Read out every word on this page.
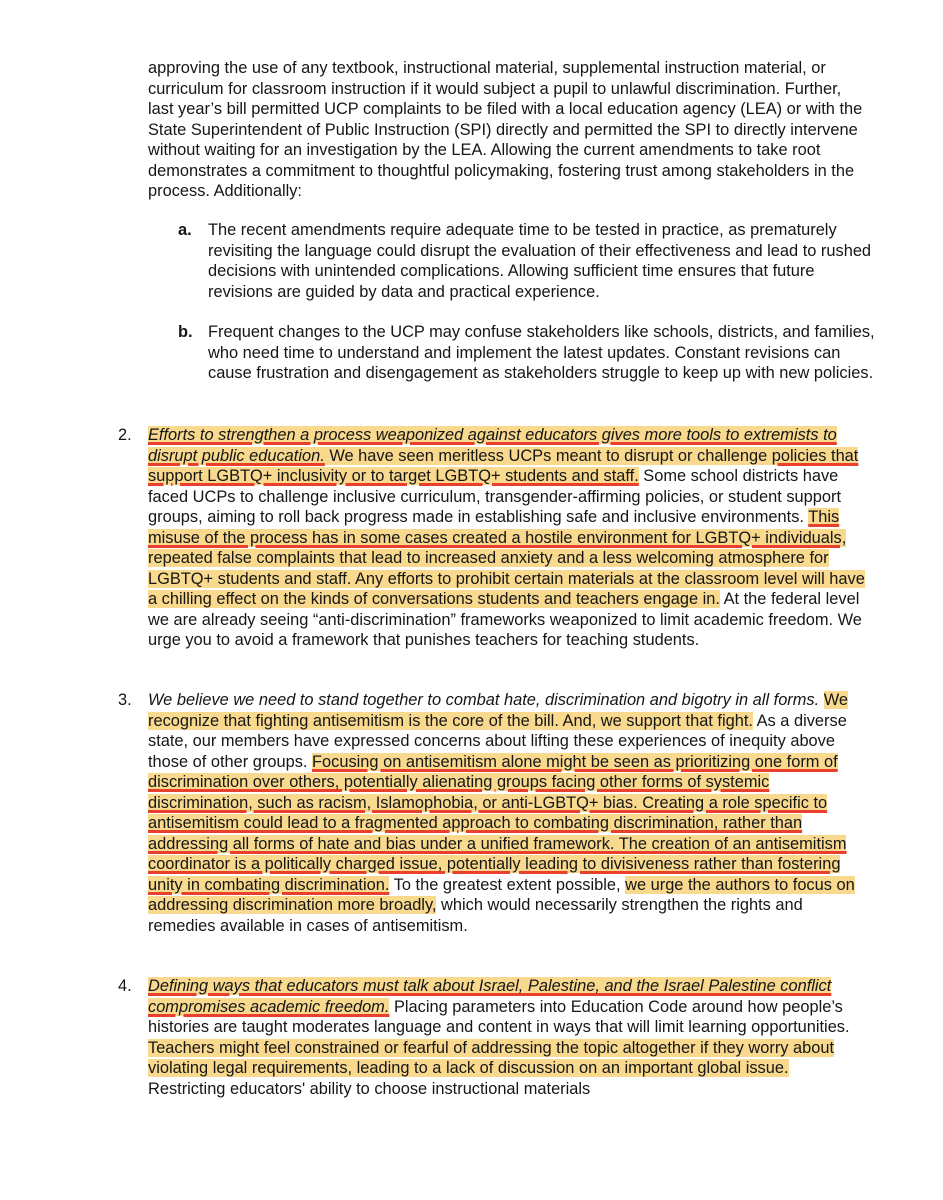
approving the use of any textbook, instructional material, supplemental instruction material, or curriculum for classroom instruction if it would subject a pupil to unlawful discrimination. Further, last year’s bill permitted UCP complaints to be filed with a local education agency (LEA) or with the State Superintendent of Public Instruction (SPI) directly and permitted the SPI to directly intervene without waiting for an investigation by the LEA. Allowing the current amendments to take root demonstrates a commitment to thoughtful policymaking, fostering trust among stakeholders in the process. Additionally:

a. The recent amendments require adequate time to be tested in practice, as prematurely revisiting the language could disrupt the evaluation of their effectiveness and lead to rushed decisions with unintended complications. Allowing sufficient time ensures that future revisions are guided by data and practical experience.

b. Frequent changes to the UCP may confuse stakeholders like schools, districts, and families, who need time to understand and implement the latest updates. Constant revisions can cause frustration and disengagement as stakeholders struggle to keep up with new policies.

2. Efforts to strengthen a process weaponized against educators gives more tools to extremists to disrupt public education. We have seen meritless UCPs meant to disrupt or challenge policies that support LGBTQ+ inclusivity or to target LGBTQ+ students and staff. Some school districts have faced UCPs to challenge inclusive curriculum, transgender-affirming policies, or student support groups, aiming to roll back progress made in establishing safe and inclusive environments. This misuse of the process has in some cases created a hostile environment for LGBTQ+ individuals, repeated false complaints that lead to increased anxiety and a less welcoming atmosphere for LGBTQ+ students and staff. Any efforts to prohibit certain materials at the classroom level will have a chilling effect on the kinds of conversations students and teachers engage in. At the federal level we are already seeing “anti-discrimination” frameworks weaponized to limit academic freedom. We urge you to avoid a framework that punishes teachers for teaching students.

3. We believe we need to stand together to combat hate, discrimination and bigotry in all forms. We recognize that fighting antisemitism is the core of the bill. And, we support that fight. As a diverse state, our members have expressed concerns about lifting these experiences of inequity above those of other groups. Focusing on antisemitism alone might be seen as prioritizing one form of discrimination over others, potentially alienating groups facing other forms of systemic discrimination, such as racism, Islamophobia, or anti-LGBTQ+ bias. Creating a role specific to antisemitism could lead to a fragmented approach to combating discrimination, rather than addressing all forms of hate and bias under a unified framework. The creation of an antisemitism coordinator is a politically charged issue, potentially leading to divisiveness rather than fostering unity in combating discrimination. To the greatest extent possible, we urge the authors to focus on addressing discrimination more broadly, which would necessarily strengthen the rights and remedies available in cases of antisemitism.

4. Defining ways that educators must talk about Israel, Palestine, and the Israel Palestine conflict compromises academic freedom. Placing parameters into Education Code around how people’s histories are taught moderates language and content in ways that will limit learning opportunities. Teachers might feel constrained or fearful of addressing the topic altogether if they worry about violating legal requirements, leading to a lack of discussion on an important global issue. Restricting educators' ability to choose instructional materials
